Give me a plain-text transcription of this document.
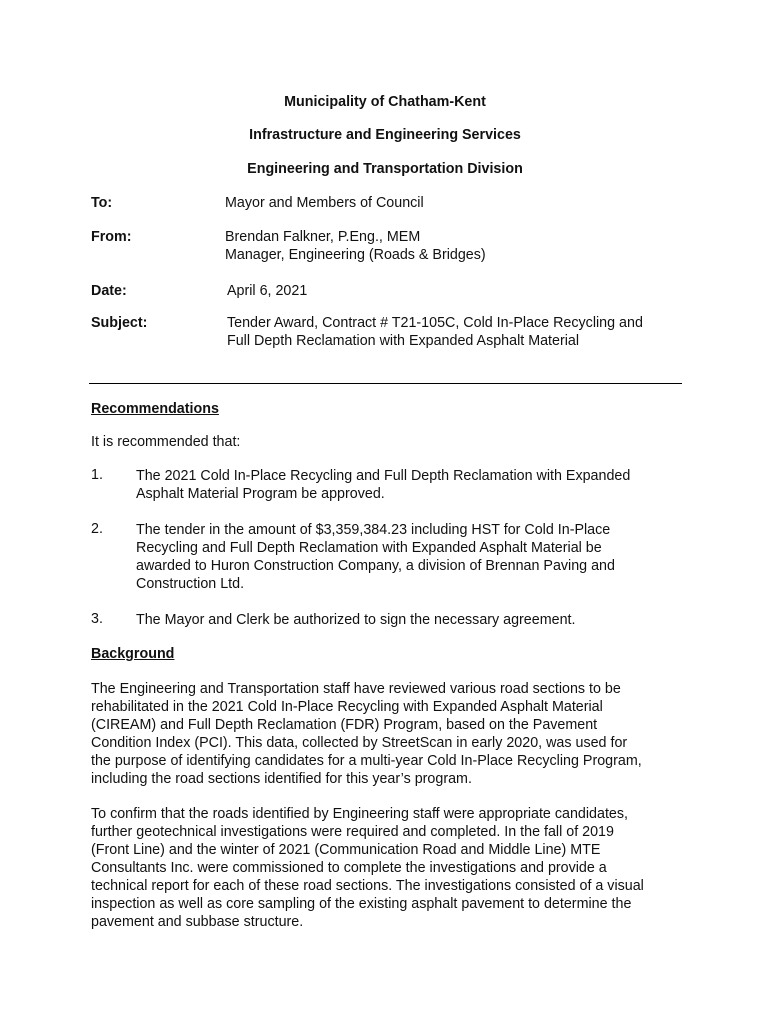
Municipality of Chatham-Kent
Infrastructure and Engineering Services
Engineering and Transportation Division
To:	Mayor and Members of Council
From:	Brendan Falkner, P.Eng., MEM
Manager, Engineering (Roads & Bridges)
Date:	April 6, 2021
Subject:	Tender Award, Contract # T21-105C, Cold In-Place Recycling and
Full Depth Reclamation with Expanded Asphalt Material
Recommendations
It is recommended that:
1. The 2021 Cold In-Place Recycling and Full Depth Reclamation with Expanded
Asphalt Material Program be approved.
2. The tender in the amount of $3,359,384.23 including HST for Cold In-Place
Recycling and Full Depth Reclamation with Expanded Asphalt Material be
awarded to Huron Construction Company, a division of Brennan Paving and
Construction Ltd.
3. The Mayor and Clerk be authorized to sign the necessary agreement.
Background
The Engineering and Transportation staff have reviewed various road sections to be
rehabilitated in the 2021 Cold In-Place Recycling with Expanded Asphalt Material
(CIREAM) and Full Depth Reclamation (FDR) Program, based on the Pavement
Condition Index (PCI). This data, collected by StreetScan in early 2020, was used for
the purpose of identifying candidates for a multi-year Cold In-Place Recycling Program,
including the road sections identified for this year’s program.
To confirm that the roads identified by Engineering staff were appropriate candidates,
further geotechnical investigations were required and completed. In the fall of 2019
(Front Line) and the winter of 2021 (Communication Road and Middle Line) MTE
Consultants Inc. were commissioned to complete the investigations and provide a
technical report for each of these road sections. The investigations consisted of a visual
inspection as well as core sampling of the existing asphalt pavement to determine the
pavement and subbase structure.
